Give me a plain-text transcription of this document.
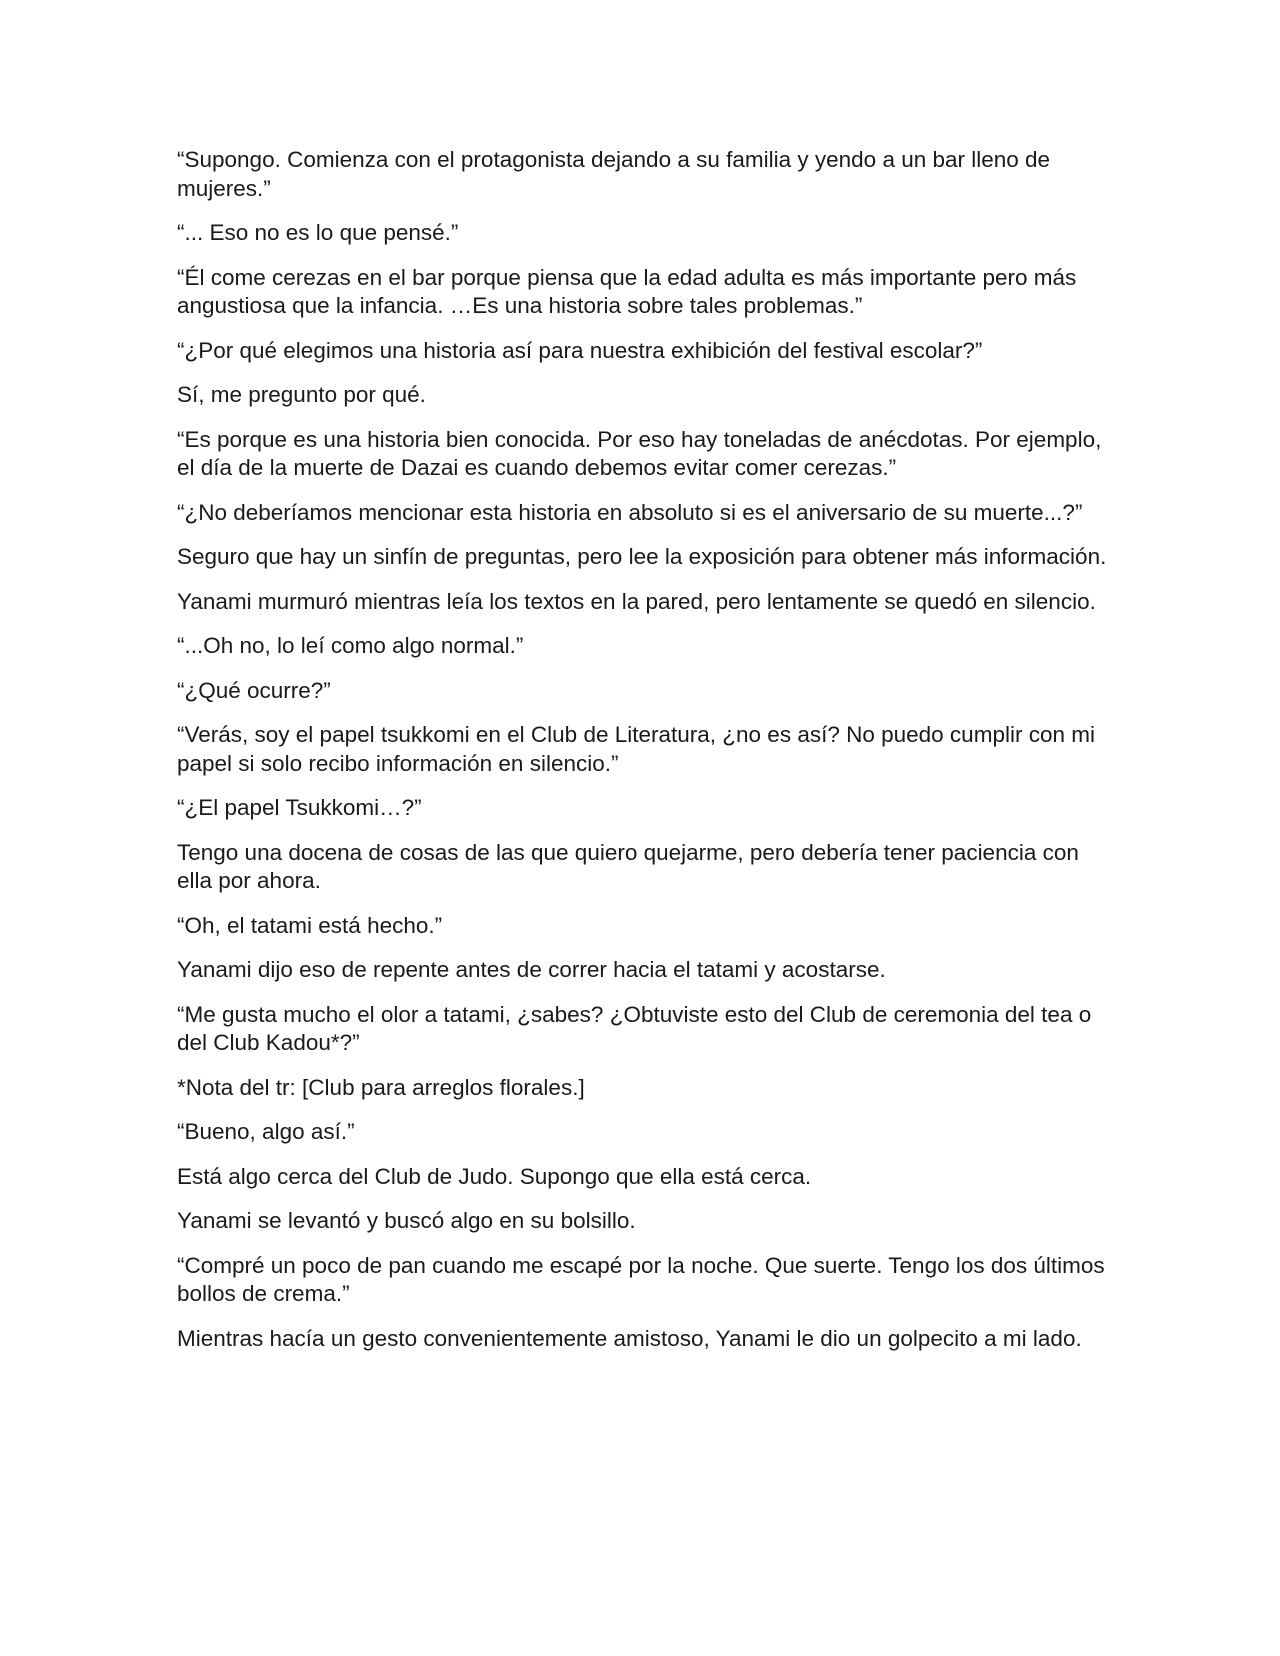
“Supongo. Comienza con el protagonista dejando a su familia y yendo a un bar lleno de mujeres.”

“... Eso no es lo que pensé.”

“Él come cerezas en el bar porque piensa que la edad adulta es más importante pero más angustiosa que la infancia. …Es una historia sobre tales problemas.”

“¿Por qué elegimos una historia así para nuestra exhibición del festival escolar?”

Sí, me pregunto por qué.

“Es porque es una historia bien conocida. Por eso hay toneladas de anécdotas. Por ejemplo, el día de la muerte de Dazai es cuando debemos evitar comer cerezas.”

“¿No deberíamos mencionar esta historia en absoluto si es el aniversario de su muerte...?”

Seguro que hay un sinfín de preguntas, pero lee la exposición para obtener más información.

Yanami murmuró mientras leía los textos en la pared, pero lentamente se quedó en silencio.

“...Oh no, lo leí como algo normal.”

“¿Qué ocurre?”

“Verás, soy el papel tsukkomi en el Club de Literatura, ¿no es así? No puedo cumplir con mi papel si solo recibo información en silencio.”

“¿El papel Tsukkomi…?”

Tengo una docena de cosas de las que quiero quejarme, pero debería tener paciencia con ella por ahora.

“Oh, el tatami está hecho.”

Yanami dijo eso de repente antes de correr hacia el tatami y acostarse.

“Me gusta mucho el olor a tatami, ¿sabes? ¿Obtuviste esto del Club de ceremonia del tea o del Club Kadou*?”

*Nota del tr: [Club para arreglos florales.]

“Bueno, algo así.”

Está algo cerca del Club de Judo. Supongo que ella está cerca.

Yanami se levantó y buscó algo en su bolsillo.

“Compré un poco de pan cuando me escapé por la noche. Que suerte. Tengo los dos últimos bollos de crema.”

Mientras hacía un gesto convenientemente amistoso, Yanami le dio un golpecito a mi lado.
